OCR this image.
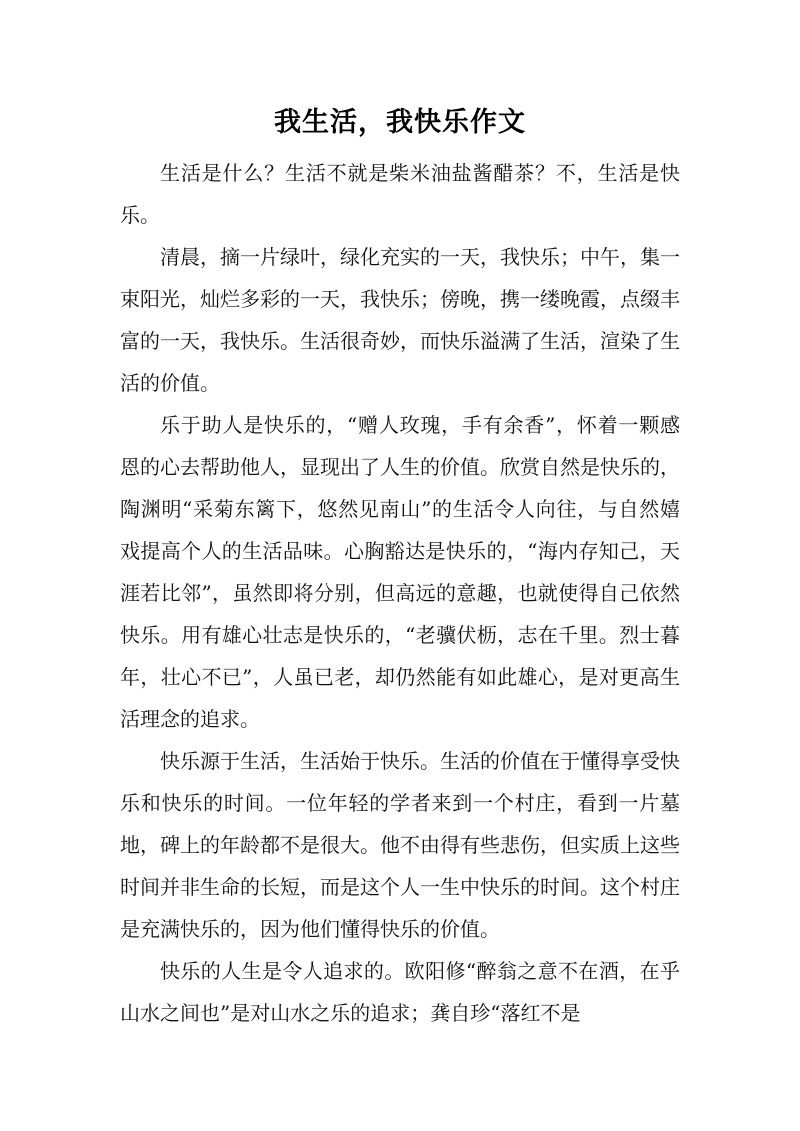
我生活，我快乐作文

生活是什么？生活不就是柴米油盐酱醋茶？不，生活是快乐。

清晨，摘一片绿叶，绿化充实的一天，我快乐；中午，集一束阳光，灿烂多彩的一天，我快乐；傍晚，携一缕晚霞，点缀丰富的一天，我快乐。生活很奇妙，而快乐溢满了生活，渲染了生活的价值。

乐于助人是快乐的，“赠人玫瑰，手有余香”，怀着一颗感恩的心去帮助他人，显现出了人生的价值。欣赏自然是快乐的，陶渊明“采菊东篱下，悠然见南山”的生活令人向往，与自然嬉戏提高个人的生活品味。心胸豁达是快乐的，“海内存知己，天涯若比邻”，虽然即将分别，但高远的意趣，也就使得自己依然快乐。用有雄心壮志是快乐的，“老骥伏枥，志在千里。烈士暮年，壮心不已”，人虽已老，却仍然能有如此雄心，是对更高生活理念的追求。

快乐源于生活，生活始于快乐。生活的价值在于懂得享受快乐和快乐的时间。一位年轻的学者来到一个村庄，看到一片墓地，碑上的年龄都不是很大。他不由得有些悲伤，但实质上这些时间并非生命的长短，而是这个人一生中快乐的时间。这个村庄是充满快乐的，因为他们懂得快乐的价值。

快乐的人生是令人追求的。欧阳修“醉翁之意不在酒，在乎山水之间也”是对山水之乐的追求；龚自珍“落红不是
